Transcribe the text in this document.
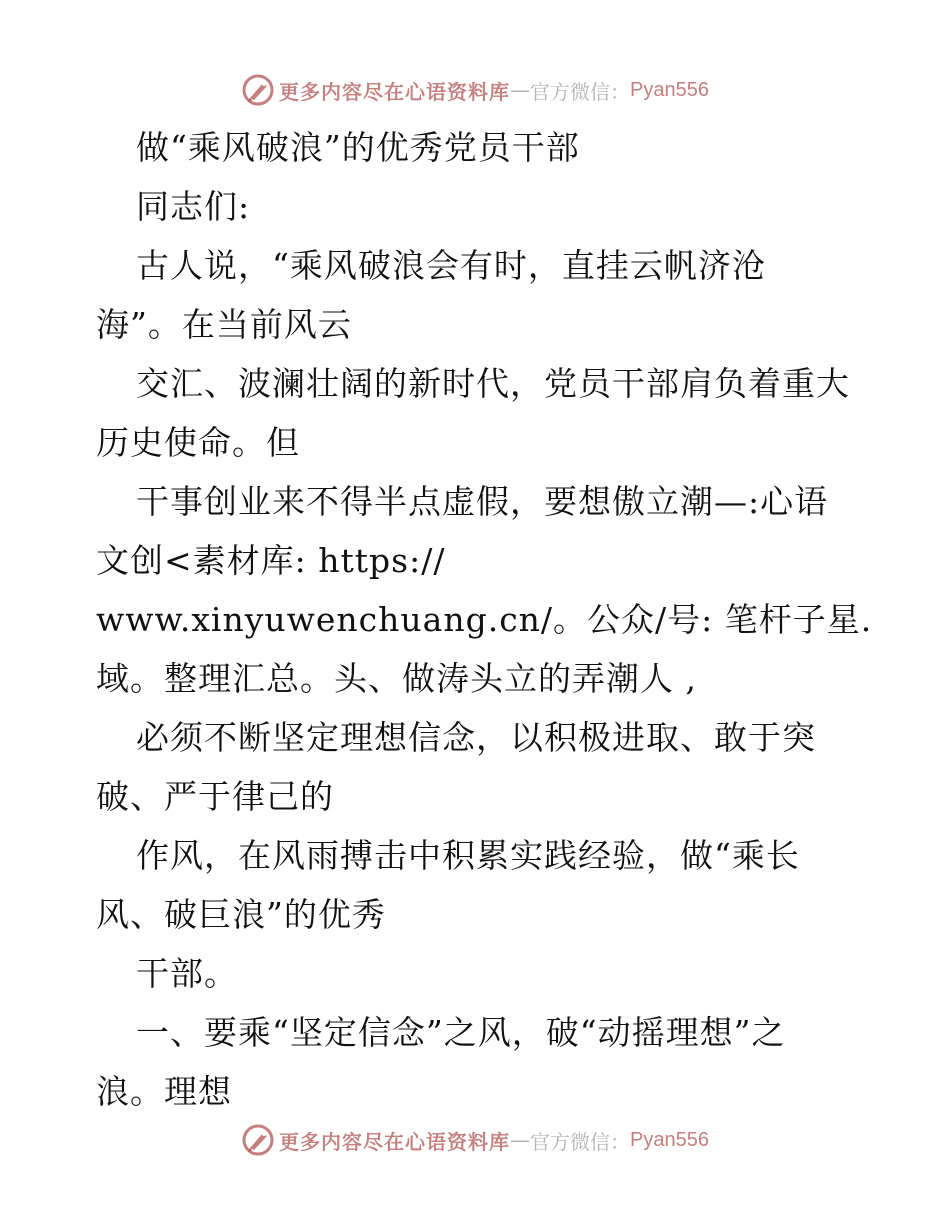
更多内容尽在心语资料库 — 官方微信： Pyan556
做“乘风破浪”的优秀党员干部
同志们:
古人说，“乘风破浪会有时，直挂云帆济沧
海”。在当前风云
交汇、波澜壮阔的新时代，党员干部肩负着重大
历史使命。但
干事创业来不得半点虚假，要想傲立潮—:心语
文创<素材库: https://
www.xinyuwenchuang.cn/。公众/号: 笔杆子星.
域。整理汇总。头、做涛头立的弄潮人 ,
必须不断坚定理想信念，以积极进取、敢于突
破、严于律己的
作风，在风雨搏击中积累实践经验，做“乘长
风、破巨浪”的优秀
干部。
一、要乘“坚定信念”之风，破“动摇理想”之
浪。理想
更多内容尽在心语资料库 — 官方微信： Pyan556
